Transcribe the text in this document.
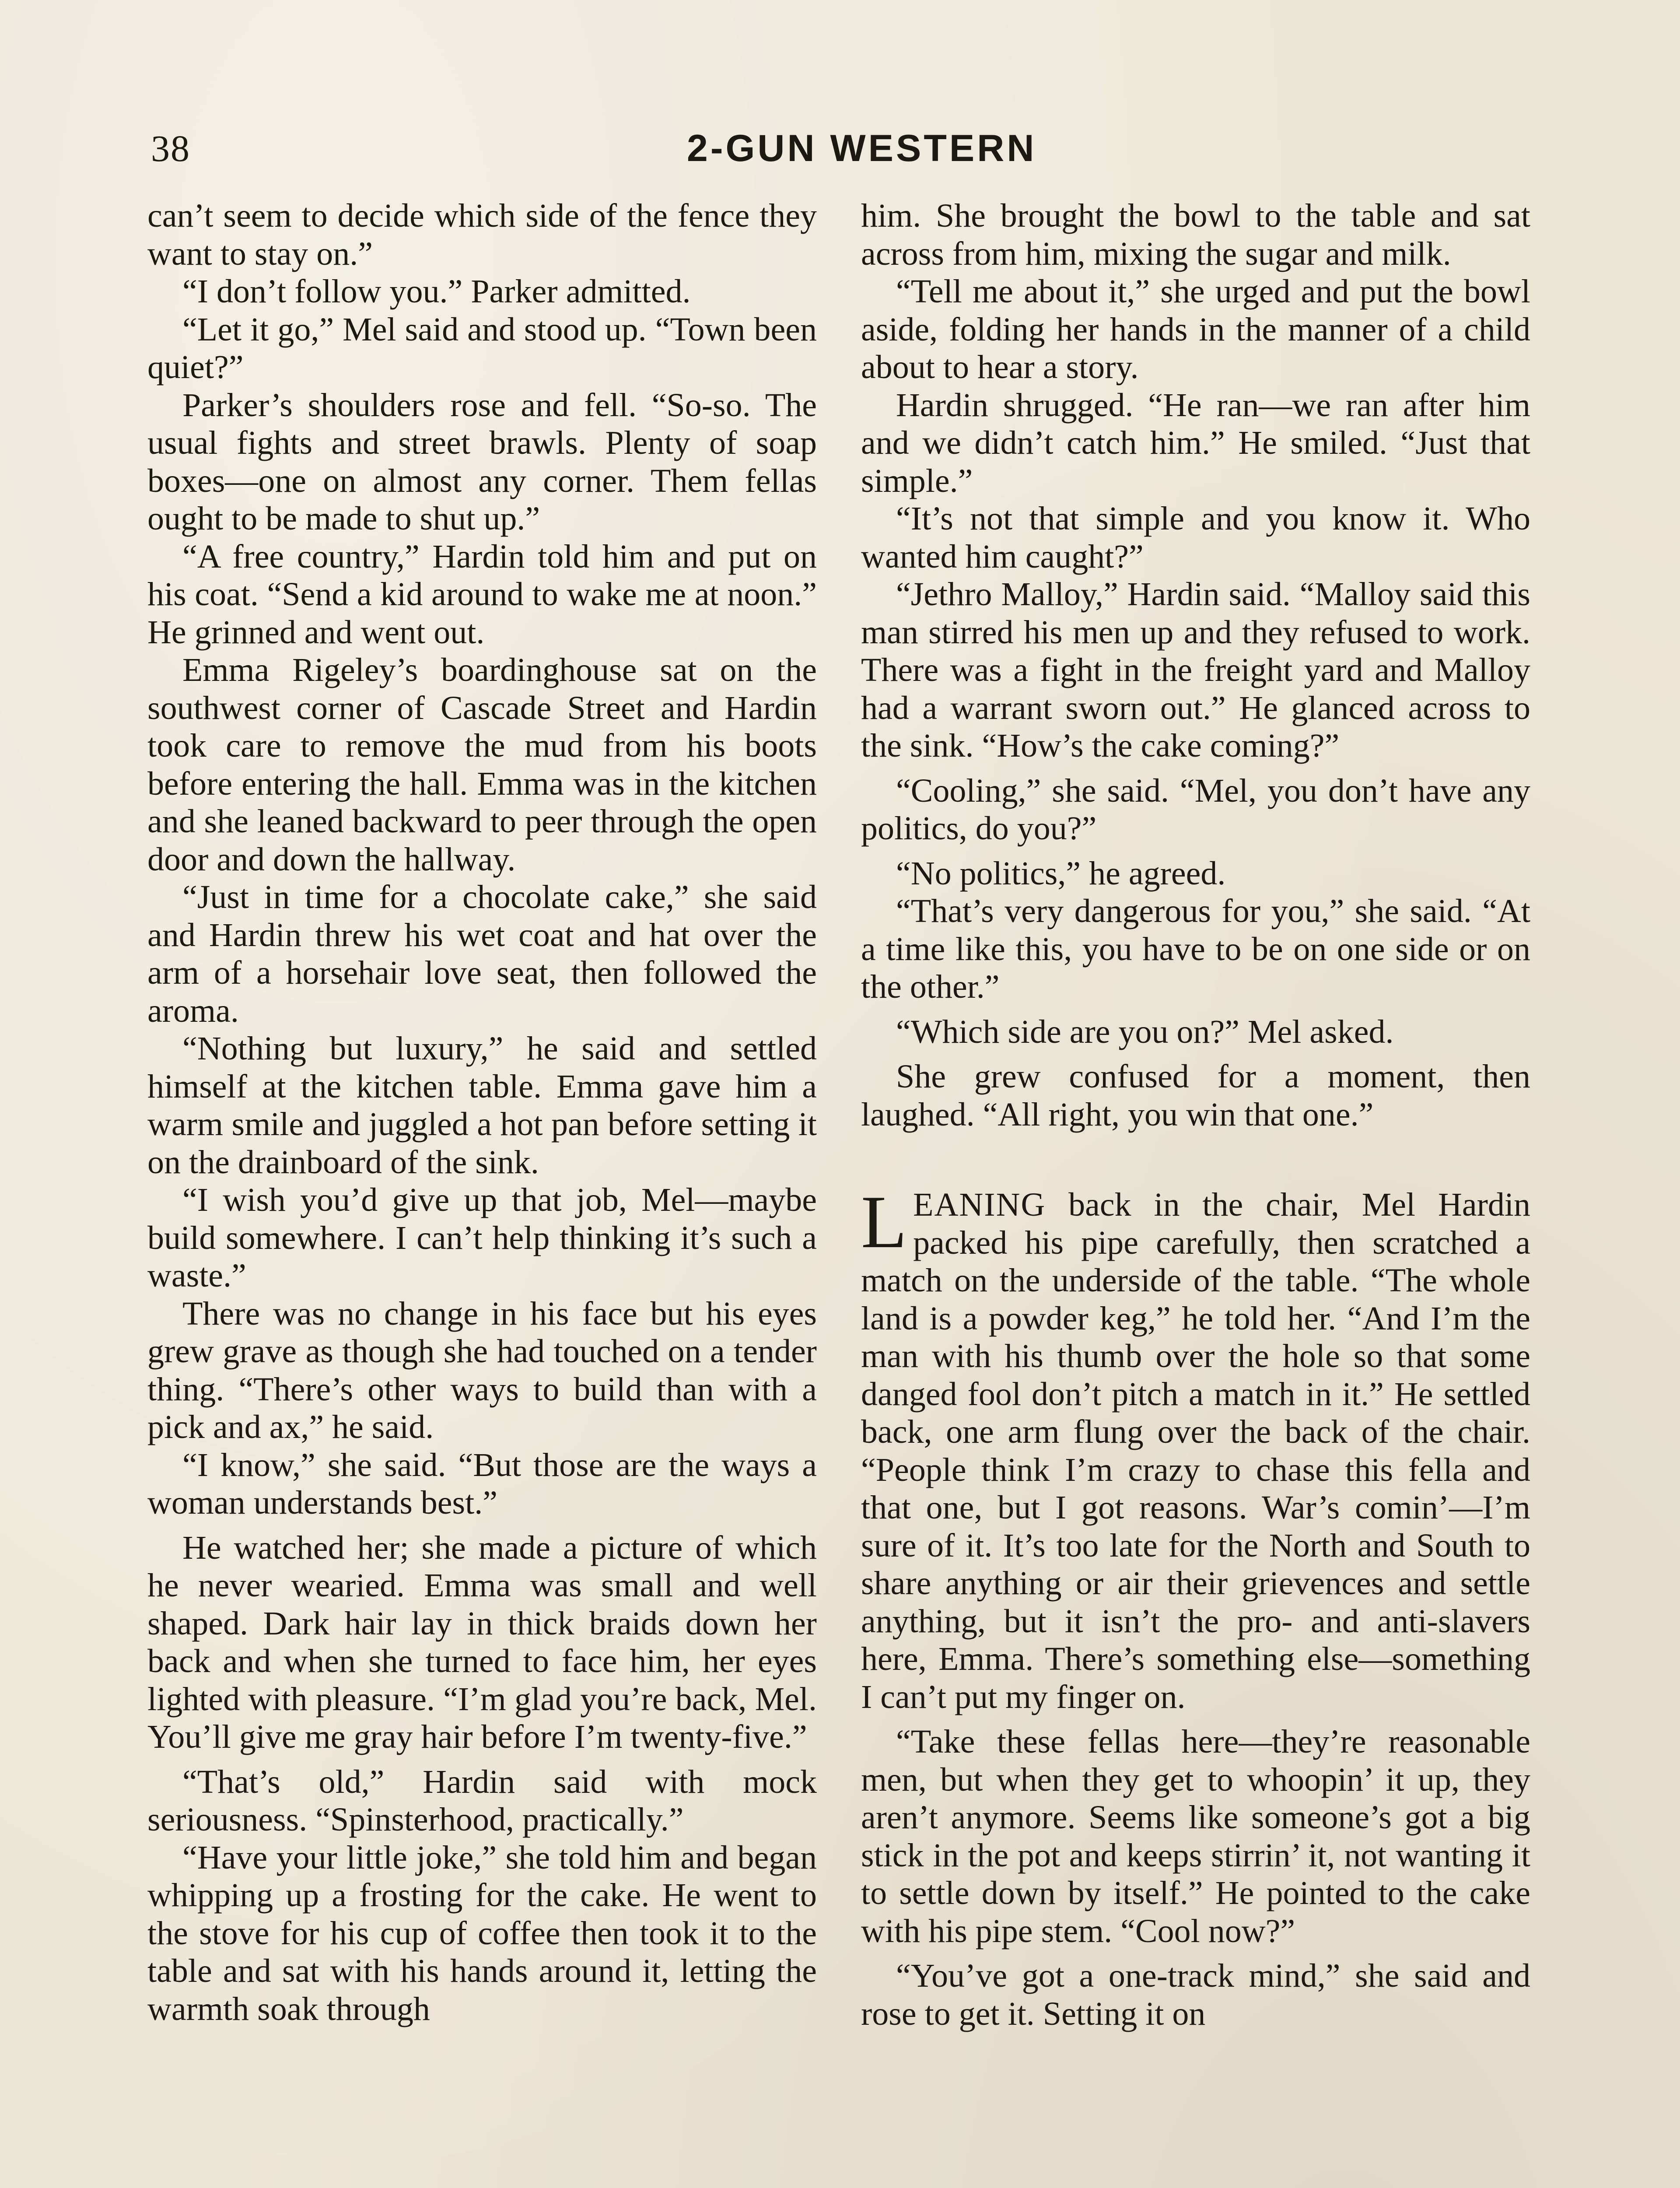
38	2-GUN WESTERN

can’t seem to decide which side of the fence they want to stay on.”

“I don’t follow you.” Parker admitted.

“Let it go,” Mel said and stood up. “Town been quiet?”

Parker’s shoulders rose and fell. “So-so. The usual fights and street brawls. Plenty of soap boxes—one on almost any corner. Them fellas ought to be made to shut up.”

“A free country,” Hardin told him and put on his coat. “Send a kid around to wake me at noon.” He grinned and went out.

Emma Rigeley’s boardinghouse sat on the southwest corner of Cascade Street and Hardin took care to remove the mud from his boots before entering the hall. Emma was in the kitchen and she leaned backward to peer through the open door and down the hallway.

“Just in time for a chocolate cake,” she said and Hardin threw his wet coat and hat over the arm of a horsehair love seat, then followed the aroma.

“Nothing but luxury,” he said and settled himself at the kitchen table. Emma gave him a warm smile and juggled a hot pan before setting it on the drainboard of the sink.

“I wish you’d give up that job, Mel—maybe build somewhere. I can’t help thinking it’s such a waste.”

There was no change in his face but his eyes grew grave as though she had touched on a tender thing. “There’s other ways to build than with a pick and ax,” he said.

“I know,” she said. “But those are the ways a woman understands best.”

He watched her; she made a picture of which he never wearied. Emma was small and well shaped. Dark hair lay in thick braids down her back and when she turned to face him, her eyes lighted with pleasure. “I’m glad you’re back, Mel. You’ll give me gray hair before I’m twenty-five.”

“That’s old,” Hardin said with mock seriousness. “Spinsterhood, practically.”

“Have your little joke,” she told him and began whipping up a frosting for the cake. He went to the stove for his cup of coffee then took it to the table and sat with his hands around it, letting the warmth soak through

him. She brought the bowl to the table and sat across from him, mixing the sugar and milk.

“Tell me about it,” she urged and put the bowl aside, folding her hands in the manner of a child about to hear a story.

Hardin shrugged. “He ran—we ran after him and we didn’t catch him.” He smiled. “Just that simple.”

“It’s not that simple and you know it. Who wanted him caught?”

“Jethro Malloy,” Hardin said. “Malloy said this man stirred his men up and they refused to work. There was a fight in the freight yard and Malloy had a warrant sworn out.” He glanced across to the sink. “How’s the cake coming?”

“Cooling,” she said. “Mel, you don’t have any politics, do you?”

“No politics,” he agreed.

“That’s very dangerous for you,” she said. “At a time like this, you have to be on one side or on the other.”

“Which side are you on?” Mel asked.

She grew confused for a moment, then laughed. “All right, you win that one.”

LEANING back in the chair, Mel Hardin packed his pipe carefully, then scratched a match on the underside of the table. “The whole land is a powder keg,” he told her. “And I’m the man with his thumb over the hole so that some danged fool don’t pitch a match in it.” He settled back, one arm flung over the back of the chair. “People think I’m crazy to chase this fella and that one, but I got reasons. War’s comin’—I’m sure of it. It’s too late for the North and South to share anything or air their grievences and settle anything, but it isn’t the pro- and anti-slavers here, Emma. There’s something else—something I can’t put my finger on.

“Take these fellas here—they’re reasonable men, but when they get to whoopin’ it up, they aren’t anymore. Seems like someone’s got a big stick in the pot and keeps stirrin’ it, not wanting it to settle down by itself.” He pointed to the cake with his pipe stem. “Cool now?”

“You’ve got a one-track mind,” she said and rose to get it. Setting it on
